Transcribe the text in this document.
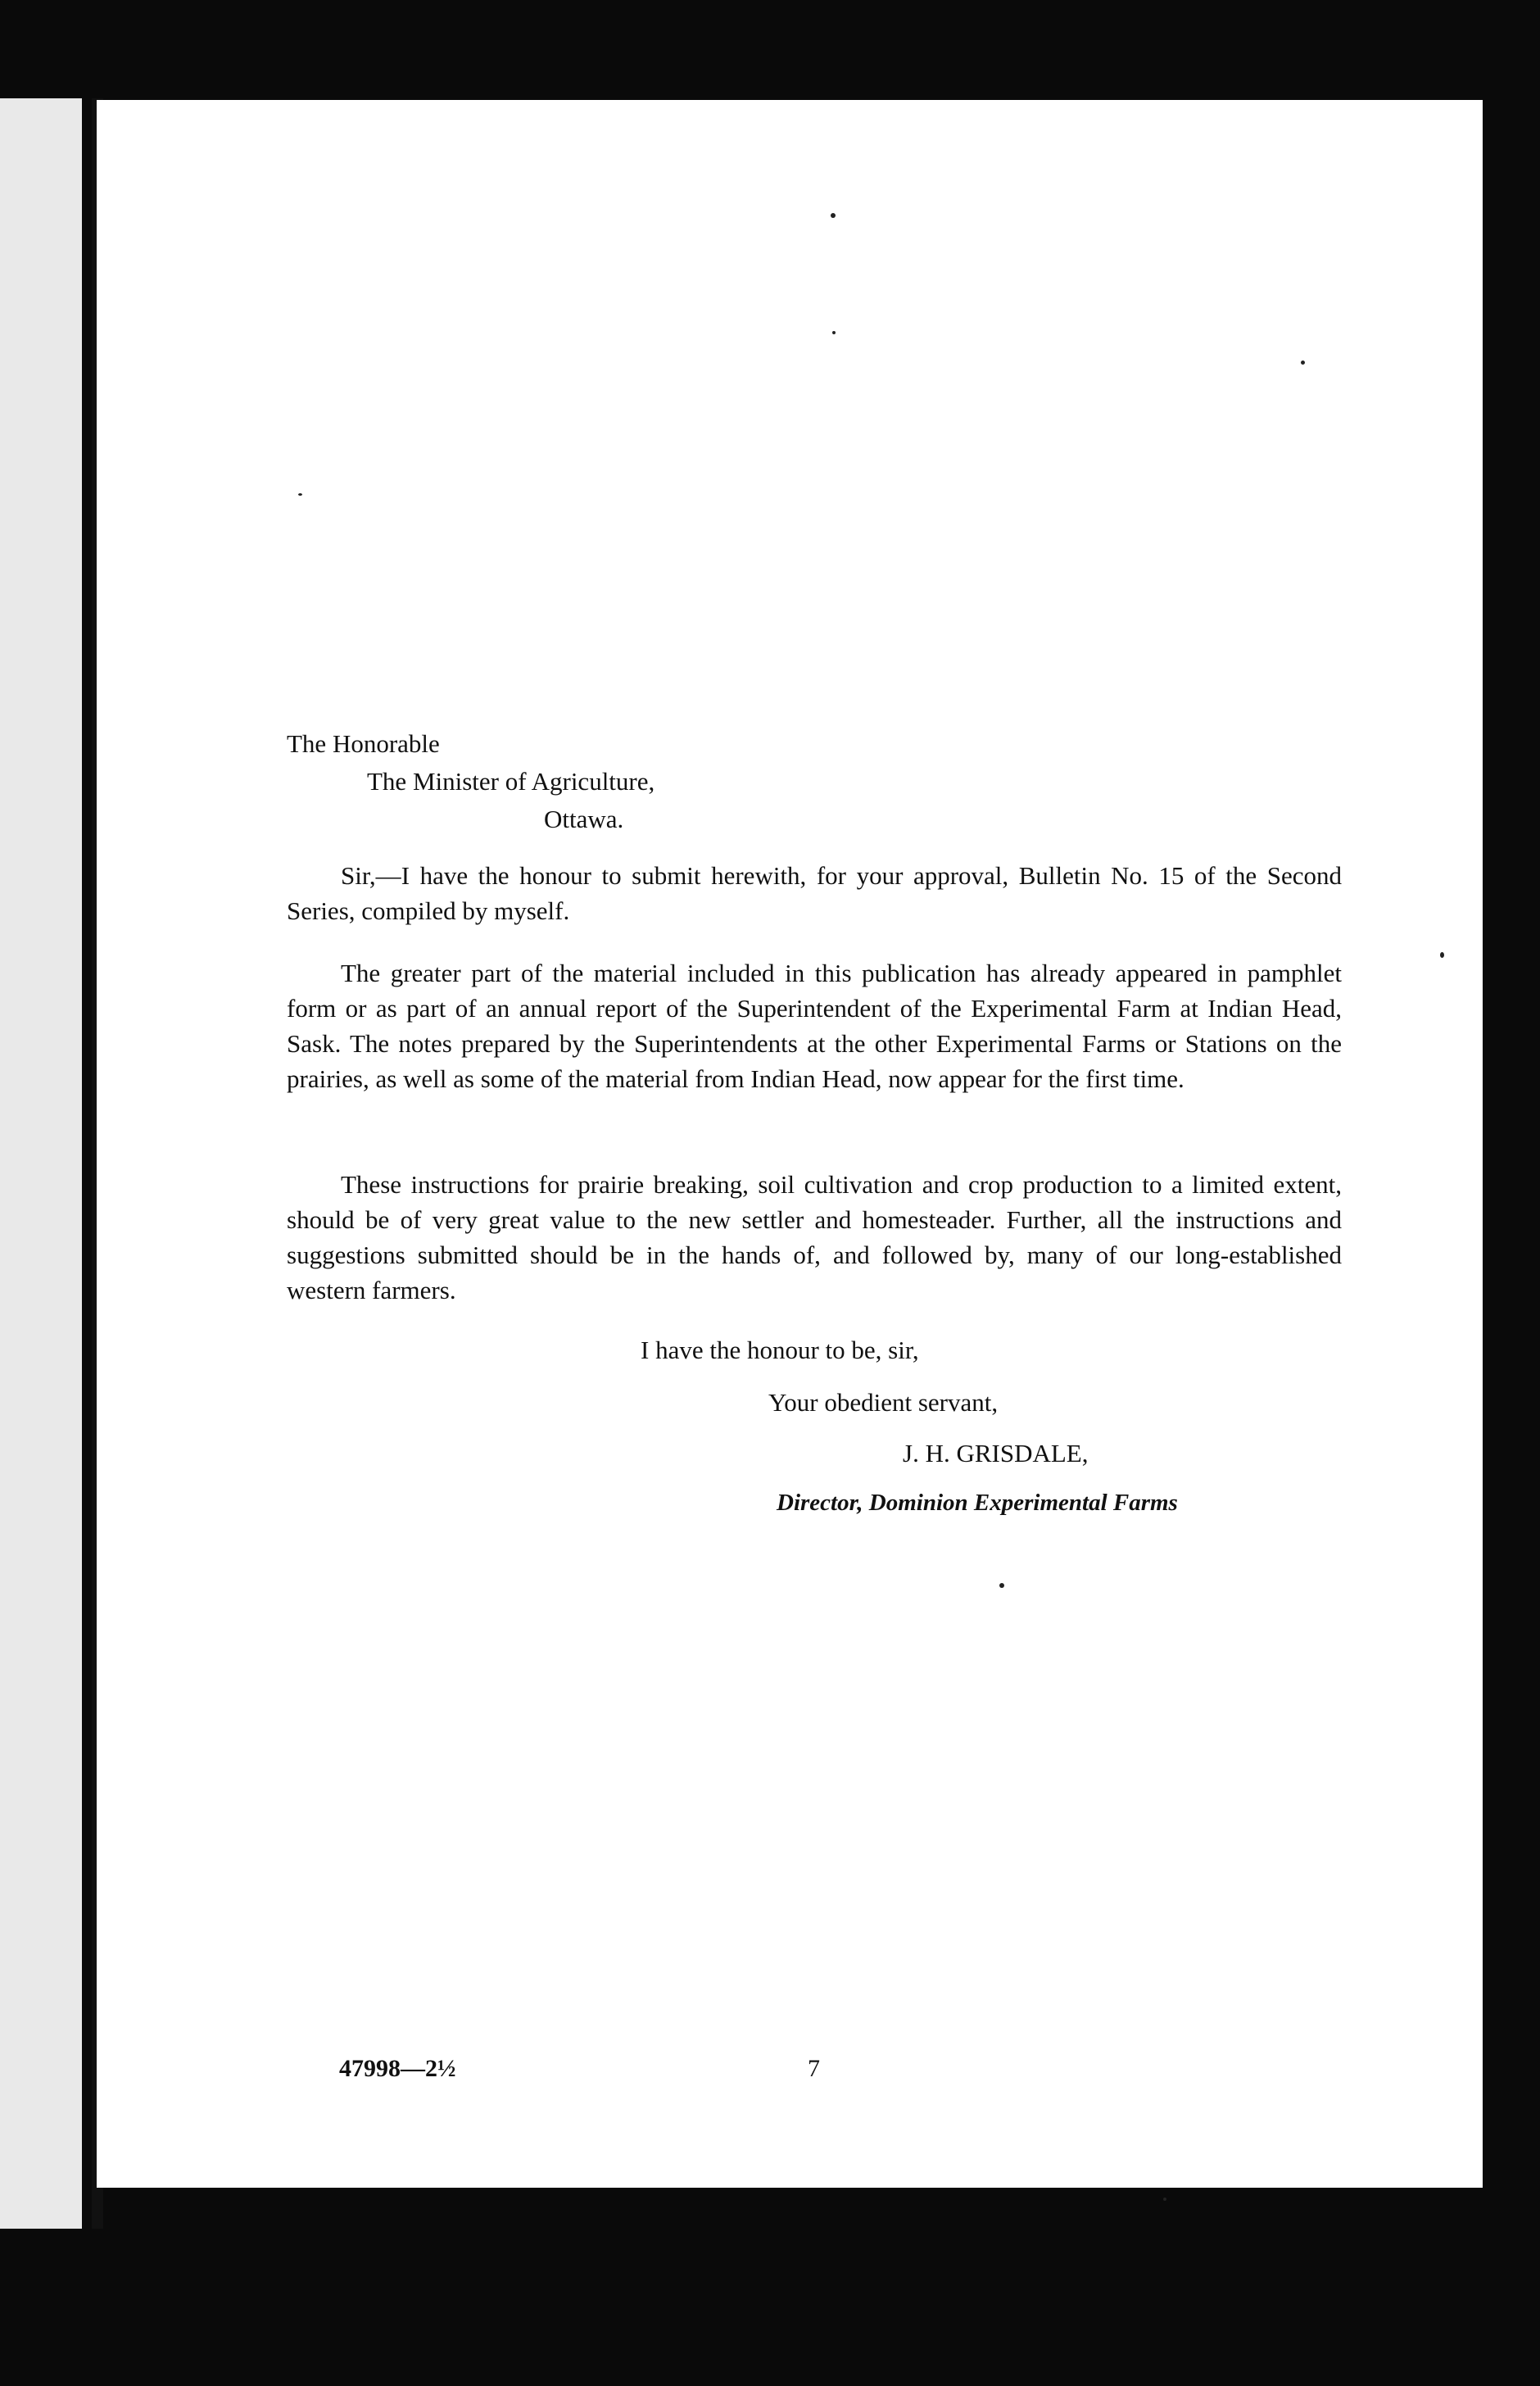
The Honorable
The Minister of Agriculture,
Ottawa.
Sir,—I have the honour to submit herewith, for your approval, Bulletin No. 15 of the Second Series, compiled by myself.
The greater part of the material included in this publication has already appeared in pamphlet form or as part of an annual report of the Superintendent of the Experimental Farm at Indian Head, Sask. The notes prepared by the Superintendents at the other Experimental Farms or Stations on the prairies, as well as some of the material from Indian Head, now appear for the first time.
These instructions for prairie breaking, soil cultivation and crop production to a limited extent, should be of very great value to the new settler and homesteader. Further, all the instructions and suggestions submitted should be in the hands of, and followed by, many of our long-established western farmers.
I have the honour to be, sir,
Your obedient servant,
J. H. GRISDALE,
Director, Dominion Experimental Farms
47998—2½	7
